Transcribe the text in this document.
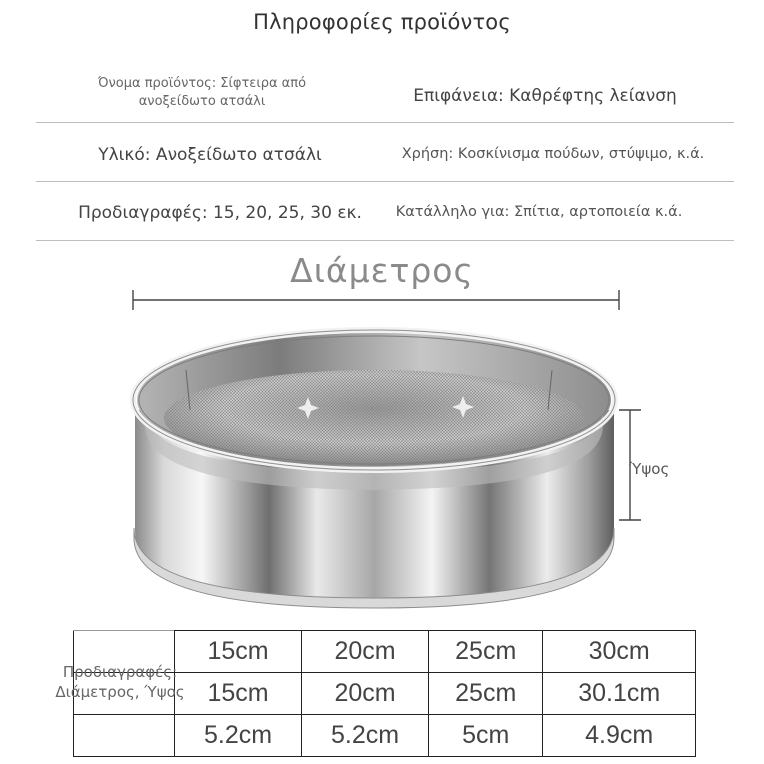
Πληροφορίες προϊόντος
Όνομα προϊόντος: Σίφτειρα από ανοξείδωτο ατσάλι	Επιφάνεια: Καθρέφτης λείανση
Υλικό: Ανοξείδωτο ατσάλι	Χρήση: Κοσκίνισμα πούδων, στύψιμο, κ.ά.
Προδιαγραφές: 15, 20, 25, 30 εκ.	Κατάλληλο για: Σπίτια, αρτοποιεία κ.ά.
Διάμετρος
Ύψος
	15cm	20cm	25cm	30cm
	15cm	20cm	25cm	30.1cm
	5.2cm	5.2cm	5cm	4.9cm
Προδιαγραφές: Διάμετρος, Ύψος
